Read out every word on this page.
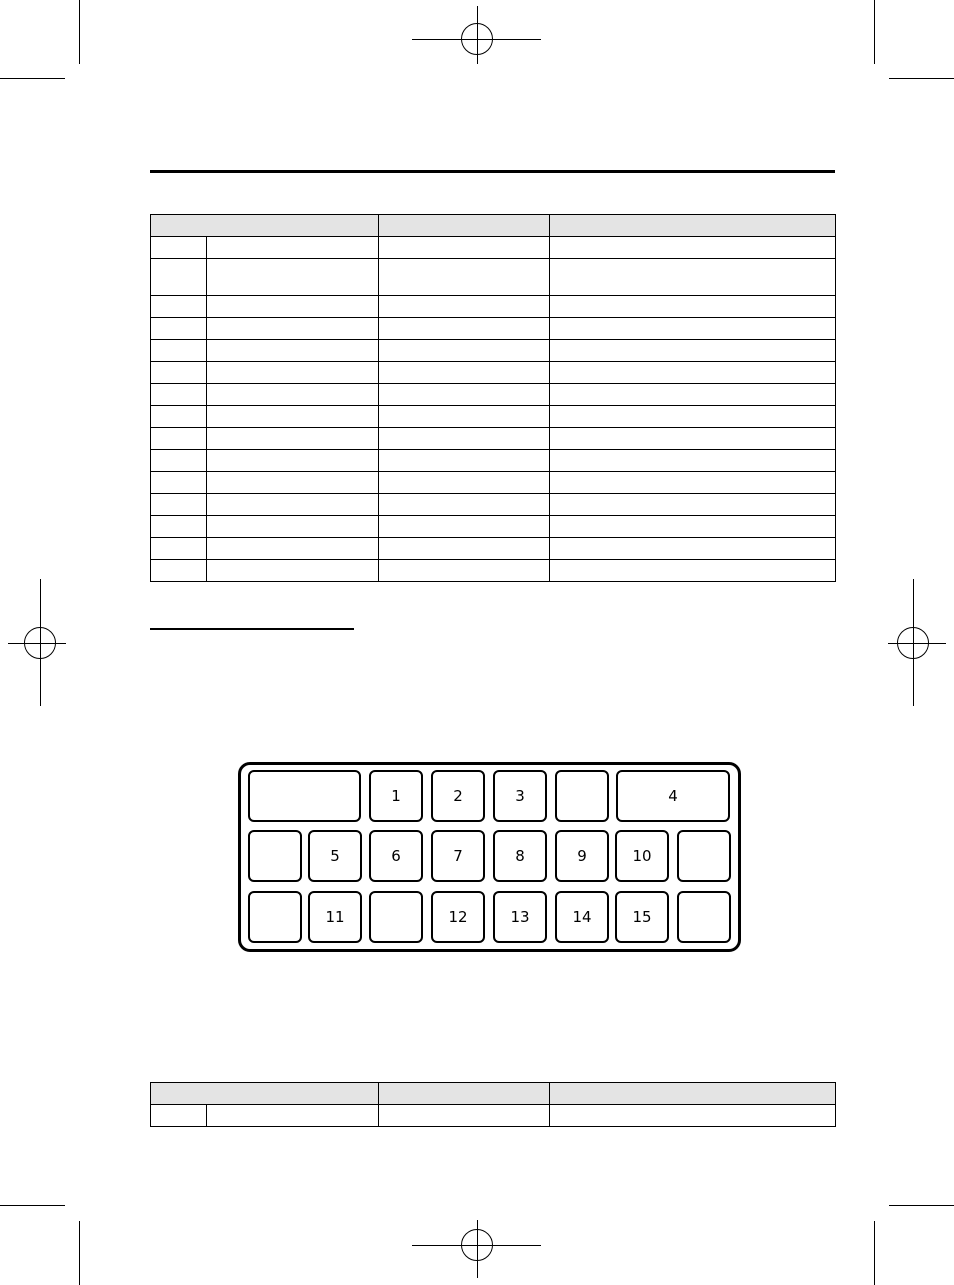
1	2	3	4
5	6	7	8	9	10
11	12	13	14	15
